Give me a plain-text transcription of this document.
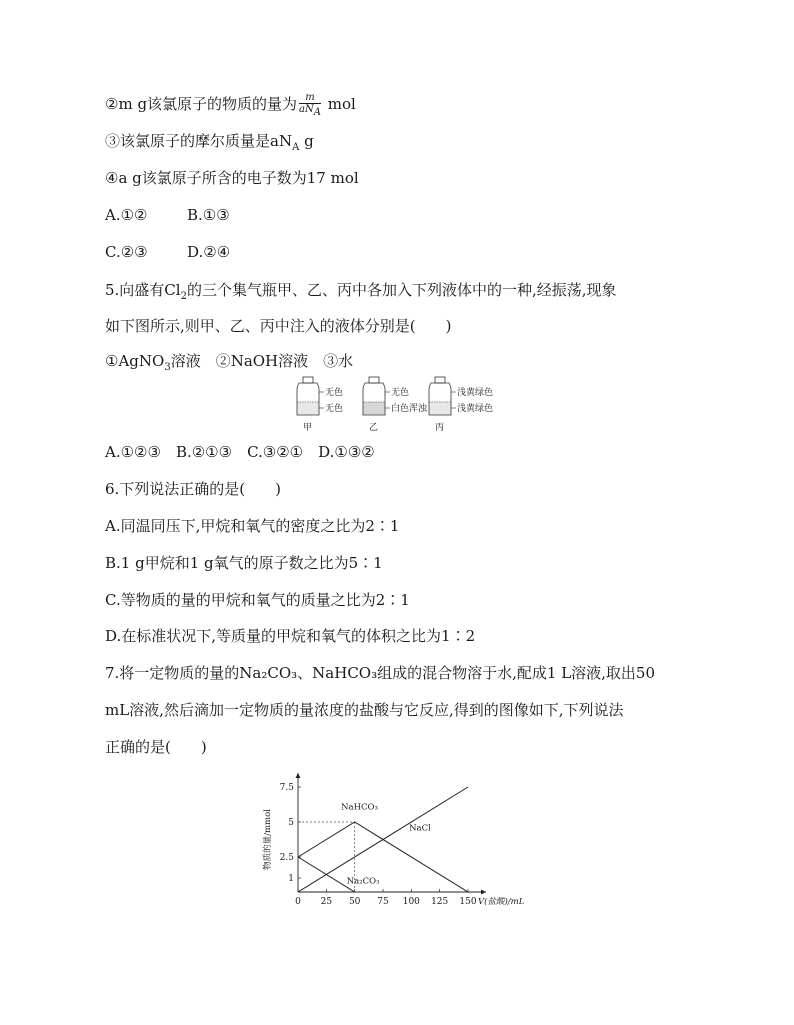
②m g该氯原子的物质的量为 $\frac{m}{aN_A}$ mol
③该氯原子的摩尔质量是$aN_A$ g
④a g该氯原子所含的电子数为17 mol
A.①②	B.①③
C.②③	D.②④
5.向盛有$Cl_2$的三个集气瓶甲、乙、丙中各加入下列液体中的一种,经振荡,现象
如下图所示,则甲、乙、丙中注入的液体分别是(　　)
①AgNO$_3$溶液　②NaOH溶液　③水
无色
无色
甲
无色
白色浑浊
乙
浅黄绿色
浅黄绿色
丙
A.①②③　B.②①③　C.③②①　D.①③②
6.下列说法正确的是(　　)
A.同温同压下,甲烷和氧气的密度之比为2∶1
B.1 g甲烷和1 g氧气的原子数之比为5∶1
C.等物质的量的甲烷和氧气的质量之比为2∶1
D.在标准状况下,等质量的甲烷和氧气的体积之比为1∶2
7.将一定物质的量的Na₂CO₃、NaHCO₃组成的混合物溶于水,配成1 L溶液,取出50
mL溶液,然后滴加一定物质的量浓度的盐酸与它反应,得到的图像如下,下列说法
正确的是(　　)
0 25 50 75 100 125 150
1
2.5
5
7.5
V(盐酸)/mL
物质的量/mmol
NaHCO₃
NaCl
Na₂CO₃
